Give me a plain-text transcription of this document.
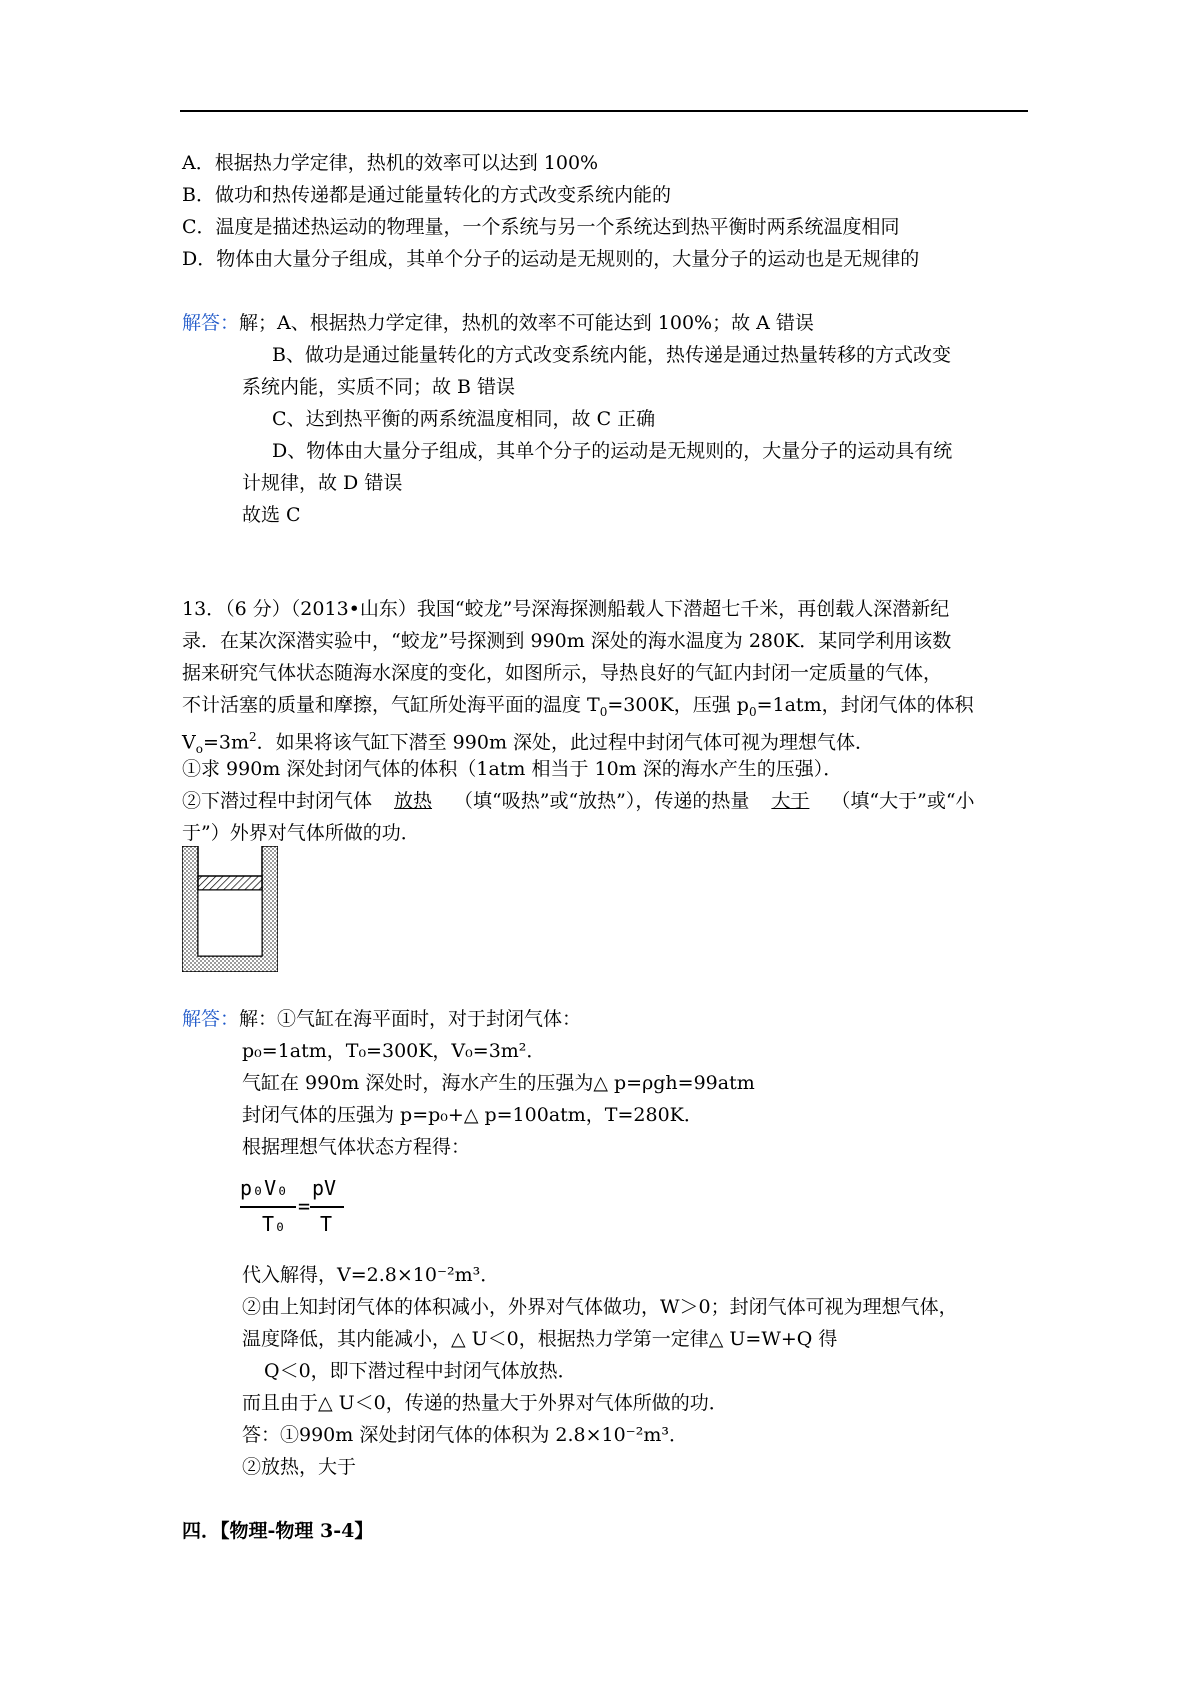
A．根据热力学定律，热机的效率可以达到 100%
B．做功和热传递都是通过能量转化的方式改变系统内能的
C．温度是描述热运动的物理量，一个系统与另一个系统达到热平衡时两系统温度相同
D．物体由大量分子组成，其单个分子的运动是无规则的，大量分子的运动也是无规律的
解答：解；A、根据热力学定律，热机的效率不可能达到 100%；故 A 错误
B、做功是通过能量转化的方式改变系统内能，热传递是通过热量转移的方式改变
系统内能，实质不同；故 B 错误
C、达到热平衡的两系统温度相同，故 C 正确
D、物体由大量分子组成，其单个分子的运动是无规则的，大量分子的运动具有统
计规律，故 D 错误
故选 C
13．（6 分）（2013•山东）我国“蛟龙”号深海探测船载人下潜超七千米，再创载人深潜新纪
录．在某次深潜实验中，“蛟龙”号探测到 990m 深处的海水温度为 280K．某同学利用该数
据来研究气体状态随海水深度的变化，如图所示，导热良好的气缸内封闭一定质量的气体，
不计活塞的质量和摩擦，气缸所处海平面的温度 $T_0=300K$，压强 $p_0=1atm$，封闭气体的体积
$V_o=3m^2$．如果将该气缸下潜至 990m 深处，此过程中封闭气体可视为理想气体．
①求 990m 深处封闭气体的体积（1atm 相当于 10m 深的海水产生的压强）．
②下潜过程中封闭气体 放热 （填“吸热”或“放热”），传递的热量 大于 （填“大于”或“小
于”）外界对气体所做的功．
解答：解：①气缸在海平面时，对于封闭气体：
p₀=1atm，T₀=300K，V₀=3m²．
气缸在 990m 深处时，海水产生的压强为△ p=ρgh=99atm
封闭气体的压强为 p=p₀+△ p=100atm，T=280K．
根据理想气体状态方程得：
p₀V₀
T₀
=
pV
T
代入解得，V=2.8×10⁻²m³．
②由上知封闭气体的体积减小，外界对气体做功，W＞0；封闭气体可视为理想气体，
温度降低，其内能减小，△ U＜0，根据热力学第一定律△ U=W+Q 得
Q＜0，即下潜过程中封闭气体放热．
而且由于△ U＜0，传递的热量大于外界对气体所做的功．
答：①990m 深处封闭气体的体积为 2.8×10⁻²m³．
②放热，大于
四．【物理-物理 3-4】
